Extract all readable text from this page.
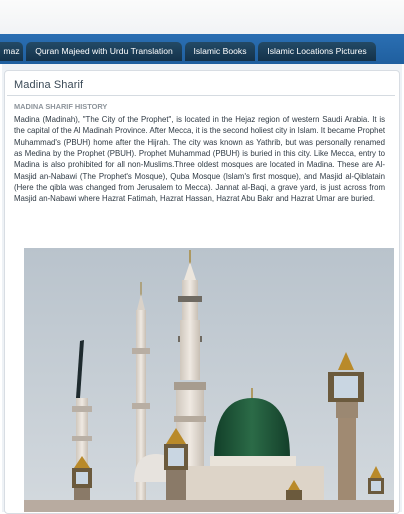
maz	Quran Majeed with Urdu Translation	Islamic Books	Islamic Locations Pictures
Madina Sharif
MADINA SHARIF HISTORY
Madina (Madinah), "The City of the Prophet", is located in the Hejaz region of western Saudi Arabia. It is the capital of the Al Madinah Province. After Mecca, it is the second holiest city in Islam. It became Prophet Muhammad's (PBUH) home after the Hijrah. The city was known as Yathrib, but was personally renamed as Medina by the Prophet (PBUH). Prophet Muhammad (PBUH) is buried in this city. Like Mecca, entry to Madina is also prohibited for all non-Muslims.Three oldest mosques are located in Madina. These are Al-Masjid an-Nabawi (The Prophet's Mosque), Quba Mosque (Islam's first mosque), and Masjid al-Qiblatain (Here the qibla was changed from Jerusalem to Mecca). Jannat al-Baqi, a grave yard, is just across from Masjid an-Nabawi where Hazrat Fatimah, Hazrat Hassan, Hazrat Abu Bakr and Hazrat Umar are buried.
